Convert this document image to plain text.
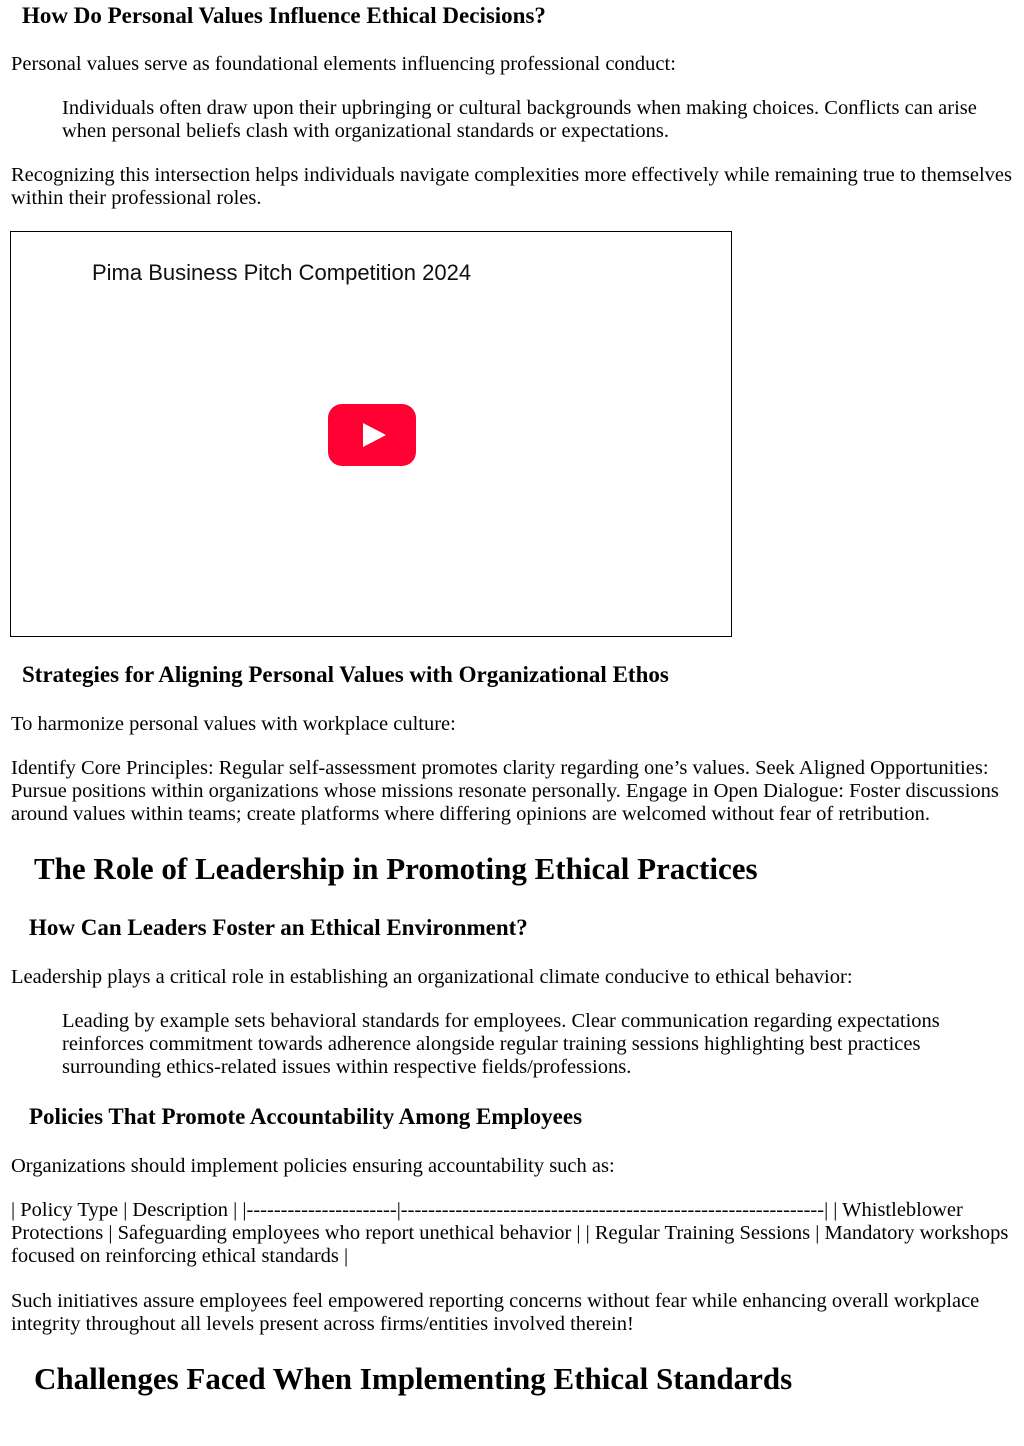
How Do Personal Values Influence Ethical Decisions?
Personal values serve as foundational elements influencing professional conduct:
Individuals often draw upon their upbringing or cultural backgrounds when making choices. Conflicts can arise when personal beliefs clash with organizational standards or expectations.
Recognizing this intersection helps individuals navigate complexities more effectively while remaining true to themselves within their professional roles.
Pima Business Pitch Competition 2024
Strategies for Aligning Personal Values with Organizational Ethos
To harmonize personal values with workplace culture:
Identify Core Principles: Regular self-assessment promotes clarity regarding one’s values. Seek Aligned Opportunities: Pursue positions within organizations whose missions resonate personally. Engage in Open Dialogue: Foster discussions around values within teams; create platforms where differing opinions are welcomed without fear of retribution.
The Role of Leadership in Promoting Ethical Practices
How Can Leaders Foster an Ethical Environment?
Leadership plays a critical role in establishing an organizational climate conducive to ethical behavior:
Leading by example sets behavioral standards for employees. Clear communication regarding expectations reinforces commitment towards adherence alongside regular training sessions highlighting best practices surrounding ethics-related issues within respective fields/professions.
Policies That Promote Accountability Among Employees
Organizations should implement policies ensuring accountability such as:
| Policy Type | Description | |----------------------|--------------------------------------------------------------| | Whistleblower Protections | Safeguarding employees who report unethical behavior | | Regular Training Sessions | Mandatory workshops focused on reinforcing ethical standards |
Such initiatives assure employees feel empowered reporting concerns without fear while enhancing overall workplace integrity throughout all levels present across firms/entities involved therein!
Challenges Faced When Implementing Ethical Standards
